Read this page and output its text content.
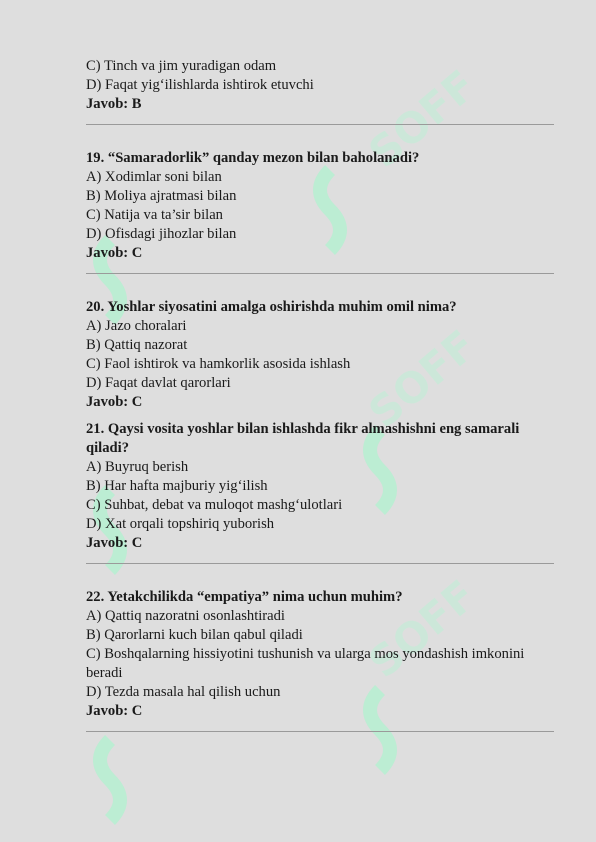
SOFF
SOFF
SOFF

C) Tinch va jim yuradigan odam

D) Faqat yig‘ilishlarda ishtirok etuvchi

Javob: B

19. “Samaradorlik” qanday mezon bilan baholanadi?

A) Xodimlar soni bilan

B) Moliya ajratmasi bilan

C) Natija va ta’sir bilan

D) Ofisdagi jihozlar bilan

Javob: C

20. Yoshlar siyosatini amalga oshirishda muhim omil nima?

A) Jazo choralari

B) Qattiq nazorat

C) Faol ishtirok va hamkorlik asosida ishlash

D) Faqat davlat qarorlari

Javob: C

21. Qaysi vosita yoshlar bilan ishlashda fikr almashishni eng samarali qiladi?

A) Buyruq berish

B) Har hafta majburiy yig‘ilish

C) Suhbat, debat va muloqot mashg‘ulotlari

D) Xat orqali topshiriq yuborish

Javob: C

22. Yetakchilikda “empatiya” nima uchun muhim?

A) Qattiq nazoratni osonlashtiradi

B) Qarorlarni kuch bilan qabul qiladi

C) Boshqalarning hissiyotini tushunish va ularga mos yondashish imkonini beradi

D) Tezda masala hal qilish uchun

Javob: C
